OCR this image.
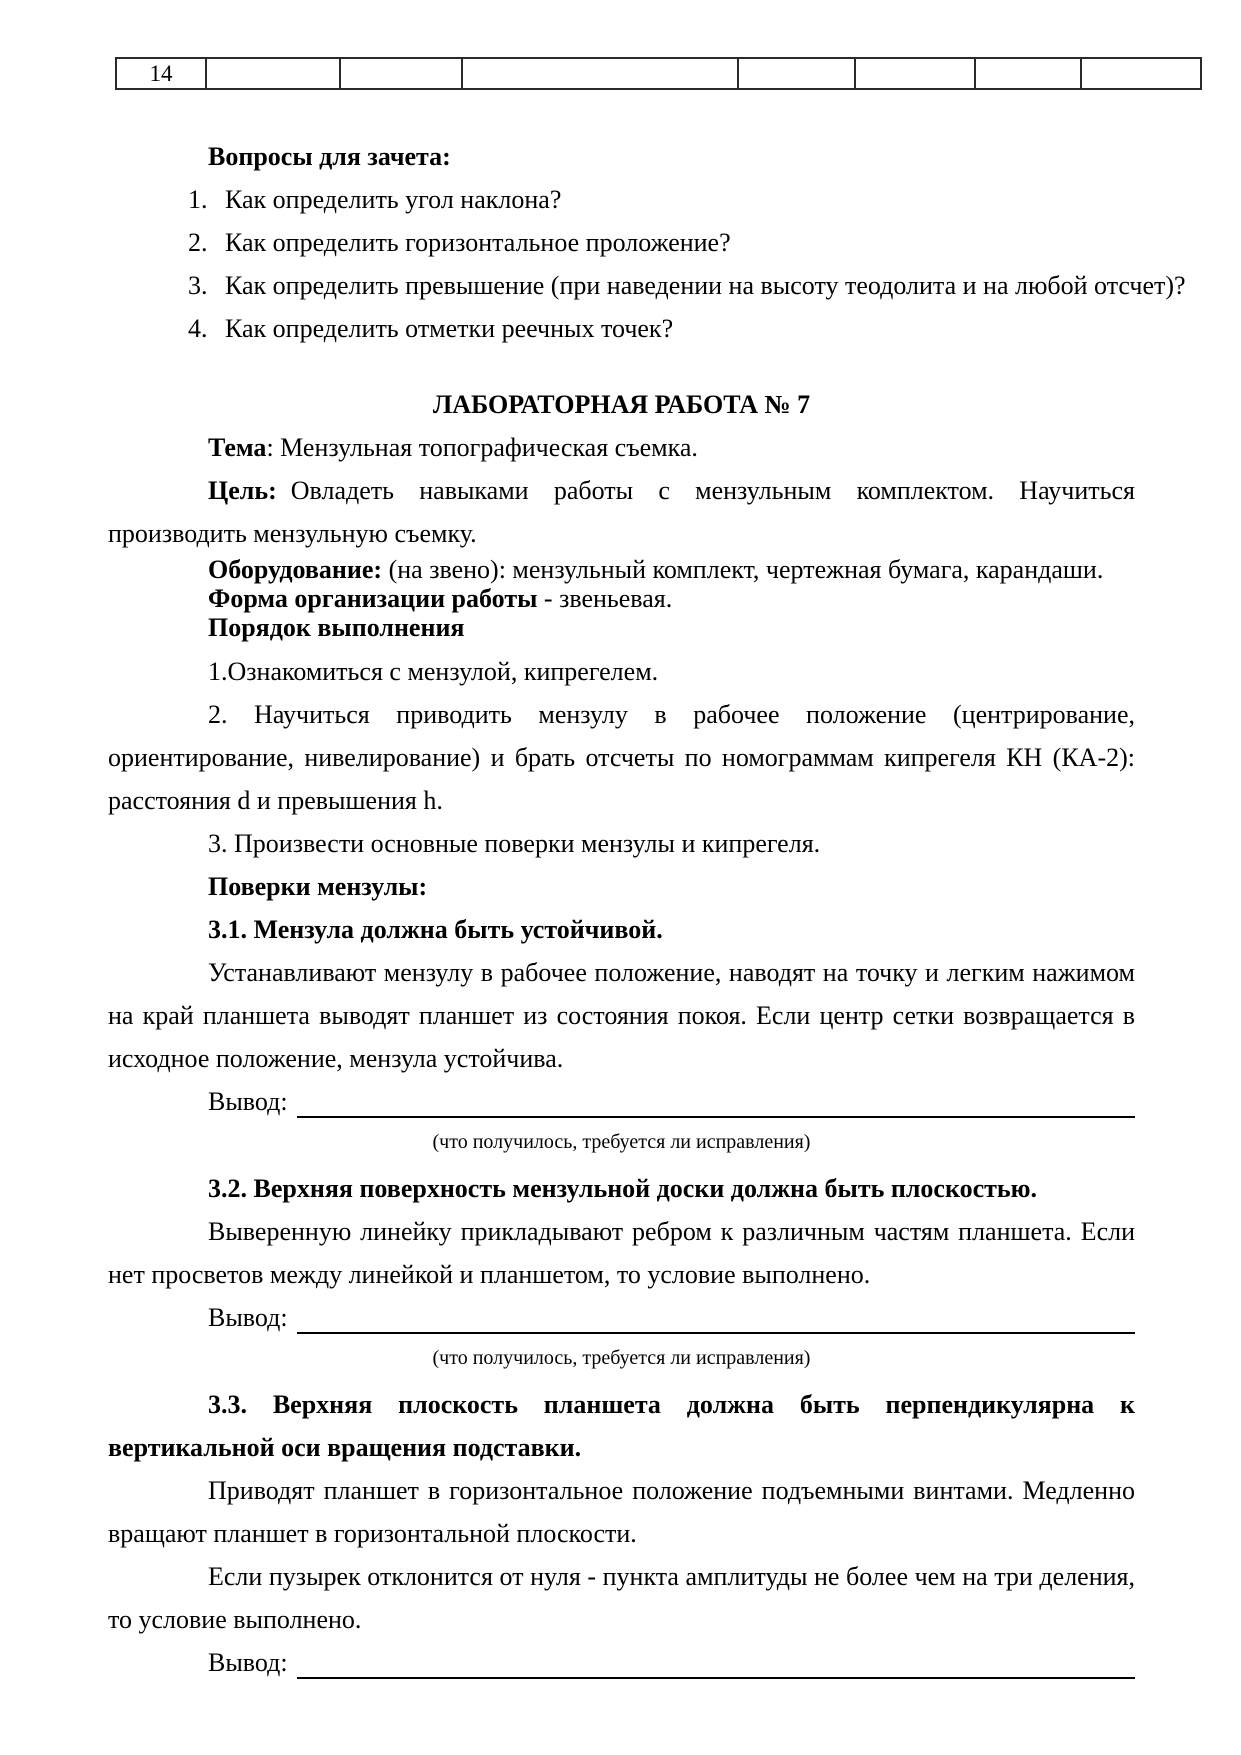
14							
Вопросы для зачета:
1. Как определить угол наклона?
2. Как определить горизонтальное проложение?
3. Как определить превышение (при наведении на высоту теодолита и на любой отсчет)?
4. Как определить отметки реечных точек?
ЛАБОРАТОРНАЯ РАБОТА № 7

Тема: Мензульная топографическая съемка.

Цель: Овладеть навыками работы с мензульным комплектом. Научиться производить мензульную съемку.

Оборудование: (на звено): мензульный комплект, чертежная бумага, карандаши.

Форма организации работы - звеньевая.

Порядок выполнения

1.Ознакомиться с мензулой, кипрегелем.

2. Научиться приводить мензулу в рабочее положение (центрирование, ориентирование, нивелирование) и брать отсчеты по номограммам кипрегеля КН (КА-2): расстояния d и превышения h.

3. Произвести основные поверки мензулы и кипрегеля.

Поверки мензулы:

3.1. Мензула должна быть устойчивой.

Устанавливают мензулу в рабочее положение, наводят на точку и легким нажимом на край планшета выводят планшет из состояния покоя. Если центр сетки возвращается в исходное положение, мензула устойчива.

Вывод:
(что получилось, требуется ли исправления)

3.2. Верхняя поверхность мензульной доски должна быть плоскостью.

Выверенную линейку прикладывают ребром к различным частям планшета. Если нет просветов между линейкой и планшетом, то условие выполнено.

Вывод:
(что получилось, требуется ли исправления)

3.3. Верхняя плоскость планшета должна быть перпендикулярна к вертикальной оси вращения подставки.

Приводят планшет в горизонтальное положение подъемными винтами. Медленно вращают планшет в горизонтальной плоскости.

Если пузырек отклонится от нуля - пункта амплитуды не более чем на три деления, то условие выполнено.

Вывод:
